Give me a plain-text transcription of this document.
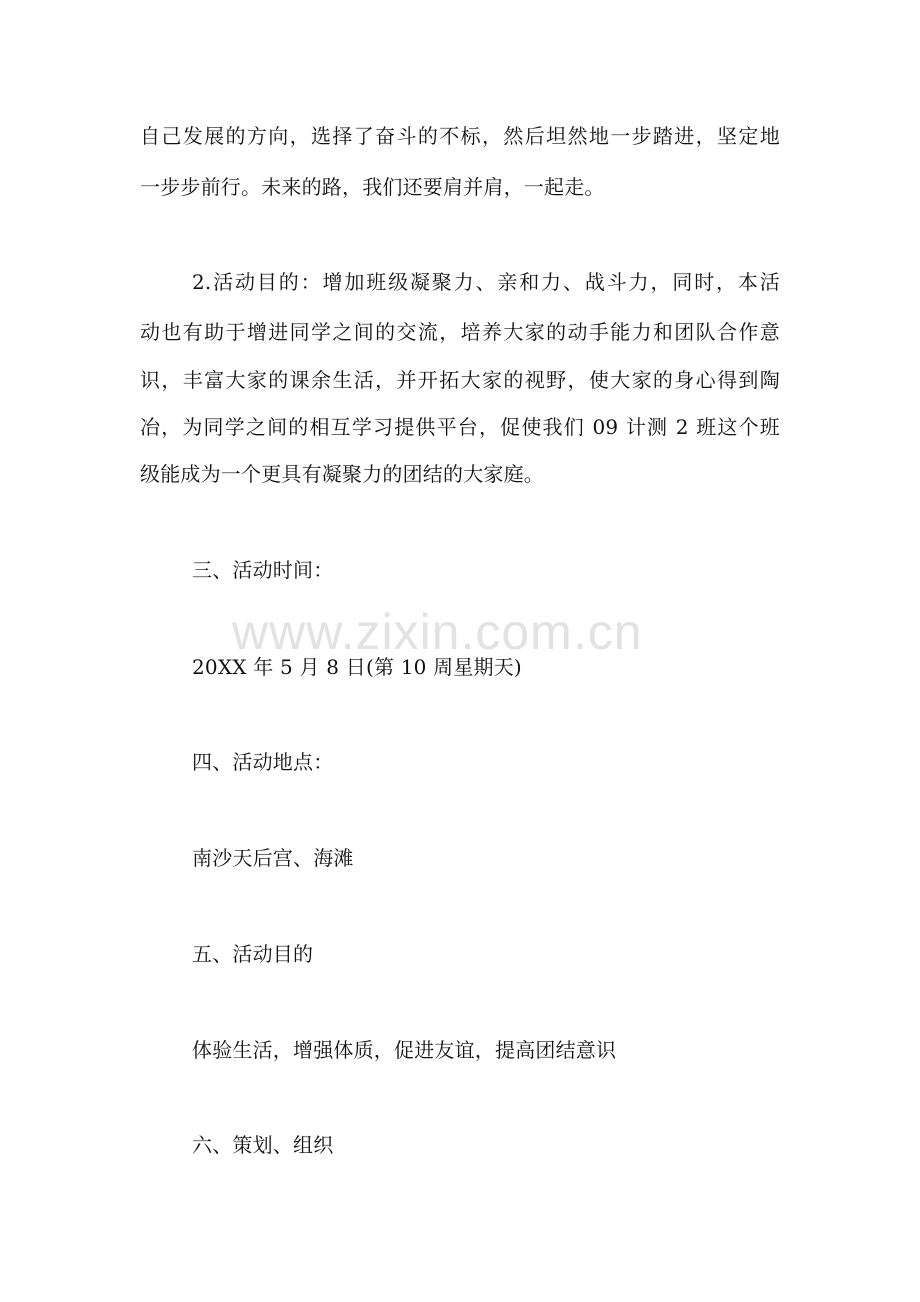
www.zixin.com.cn
自己发展的方向，选择了奋斗的不标，然后坦然地一步踏进，坚定地
一步步前行。未来的路，我们还要肩并肩，一起走。
2.活动目的：增加班级凝聚力、亲和力、战斗力，同时，本活
动也有助于增进同学之间的交流，培养大家的动手能力和团队合作意
识，丰富大家的课余生活，并开拓大家的视野，使大家的身心得到陶
冶，为同学之间的相互学习提供平台，促使我们 09 计测 2 班这个班
级能成为一个更具有凝聚力的团结的大家庭。
三、活动时间：
20XX 年 5 月 8 日(第 10 周星期天)
四、活动地点：
南沙天后宫、海滩
五、活动目的
体验生活，增强体质，促进友谊，提高团结意识
六、策划、组织
